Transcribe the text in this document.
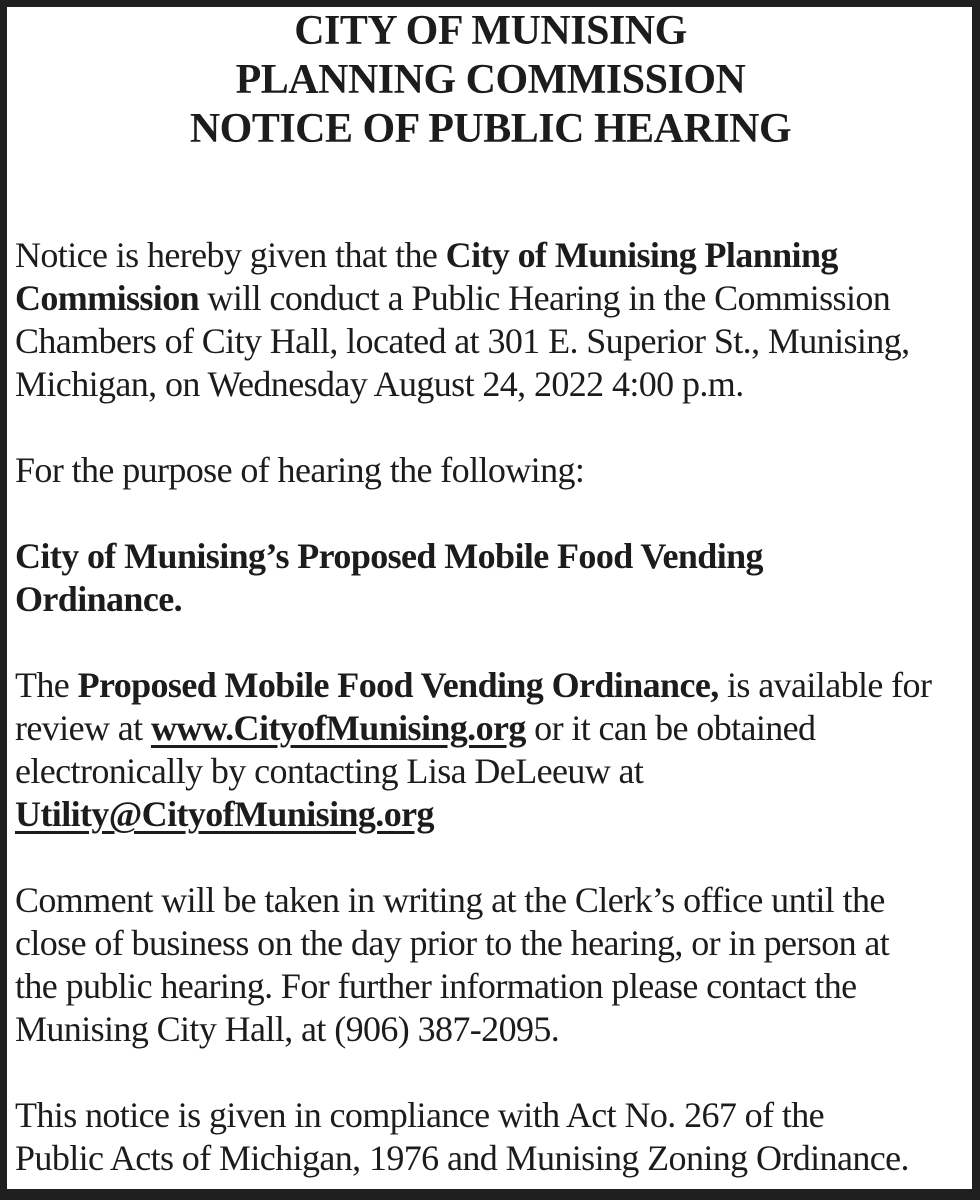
CITY OF MUNISING
PLANNING COMMISSION
NOTICE OF PUBLIC HEARING
Notice is hereby given that the City of Munising Planning
Commission will conduct a Public Hearing in the Commission
Chambers of City Hall, located at 301 E. Superior St., Munising,
Michigan, on Wednesday August 24, 2022 4:00 p.m.
For the purpose of hearing the following:
City of Munising’s Proposed Mobile Food Vending
Ordinance.
The Proposed Mobile Food Vending Ordinance, is available for
review at www.CityofMunising.org or it can be obtained
electronically by contacting Lisa DeLeeuw at
Utility@CityofMunising.org
Comment will be taken in writing at the Clerk’s office until the
close of business on the day prior to the hearing, or in person at
the public hearing. For further information please contact the
Munising City Hall, at (906) 387-2095.
This notice is given in compliance with Act No. 267 of the
Public Acts of Michigan, 1976 and Munising Zoning Ordinance.
